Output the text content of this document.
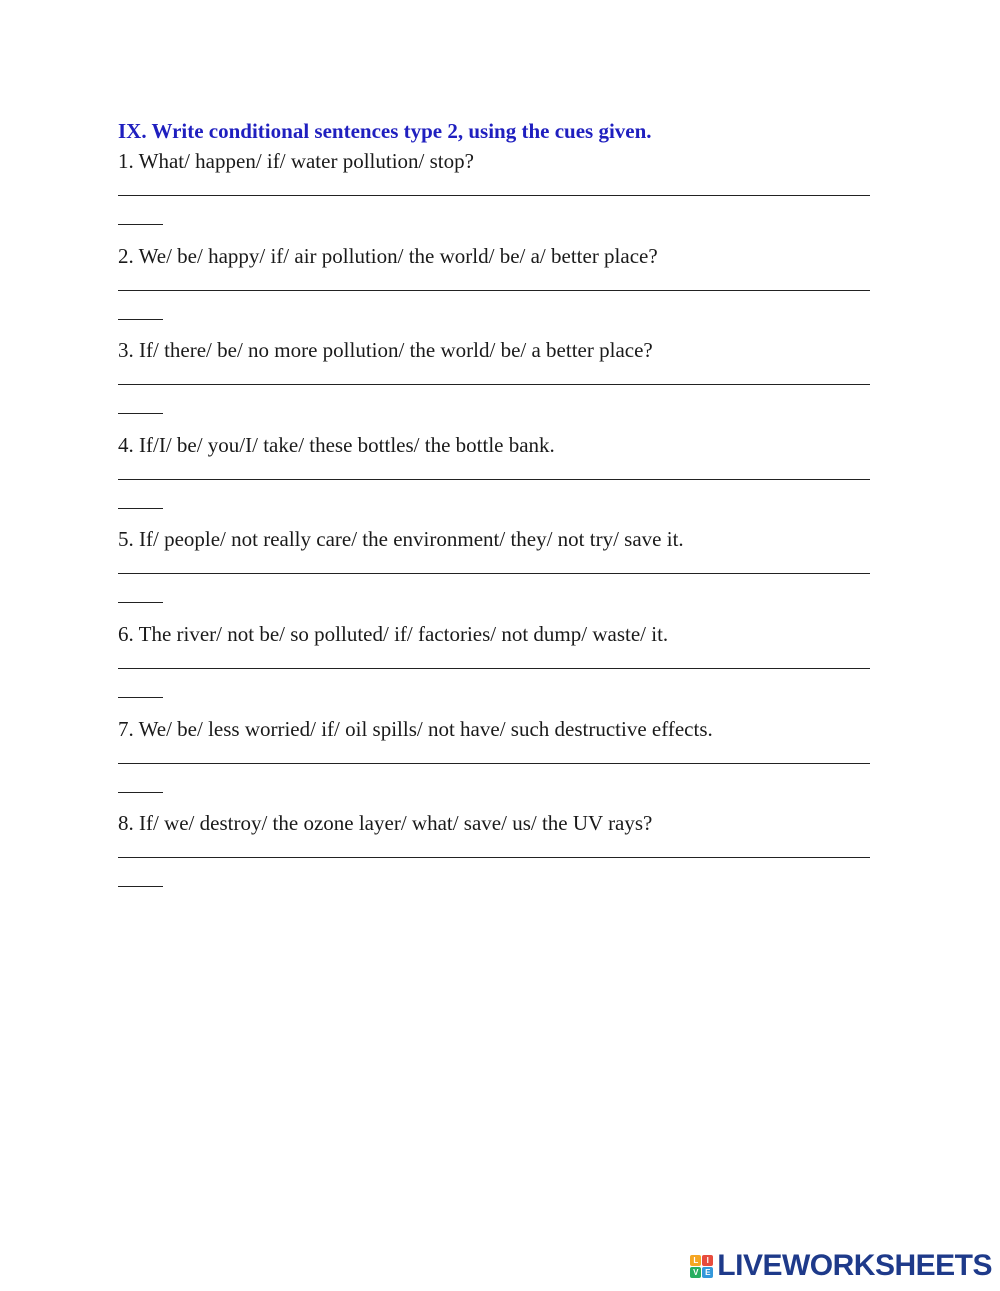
IX. Write conditional sentences type 2, using the cues given.
1. What/ happen/ if/ water pollution/ stop?
2. We/ be/ happy/ if/ air pollution/ the world/ be/ a/ better place?
3. If/ there/ be/ no more pollution/ the world/ be/ a better place?
4. If/I/ be/ you/I/ take/ these bottles/ the bottle bank.
5. If/ people/ not really care/ the environment/ they/ not try/ save it.
6. The river/ not be/ so polluted/ if/ factories/ not dump/ waste/ it.
7. We/ be/ less worried/ if/ oil spills/ not have/ such destructive effects.
8. If/ we/ destroy/ the ozone layer/ what/ save/ us/ the UV rays?
L	I
V E LIVEWORKSHEETS
